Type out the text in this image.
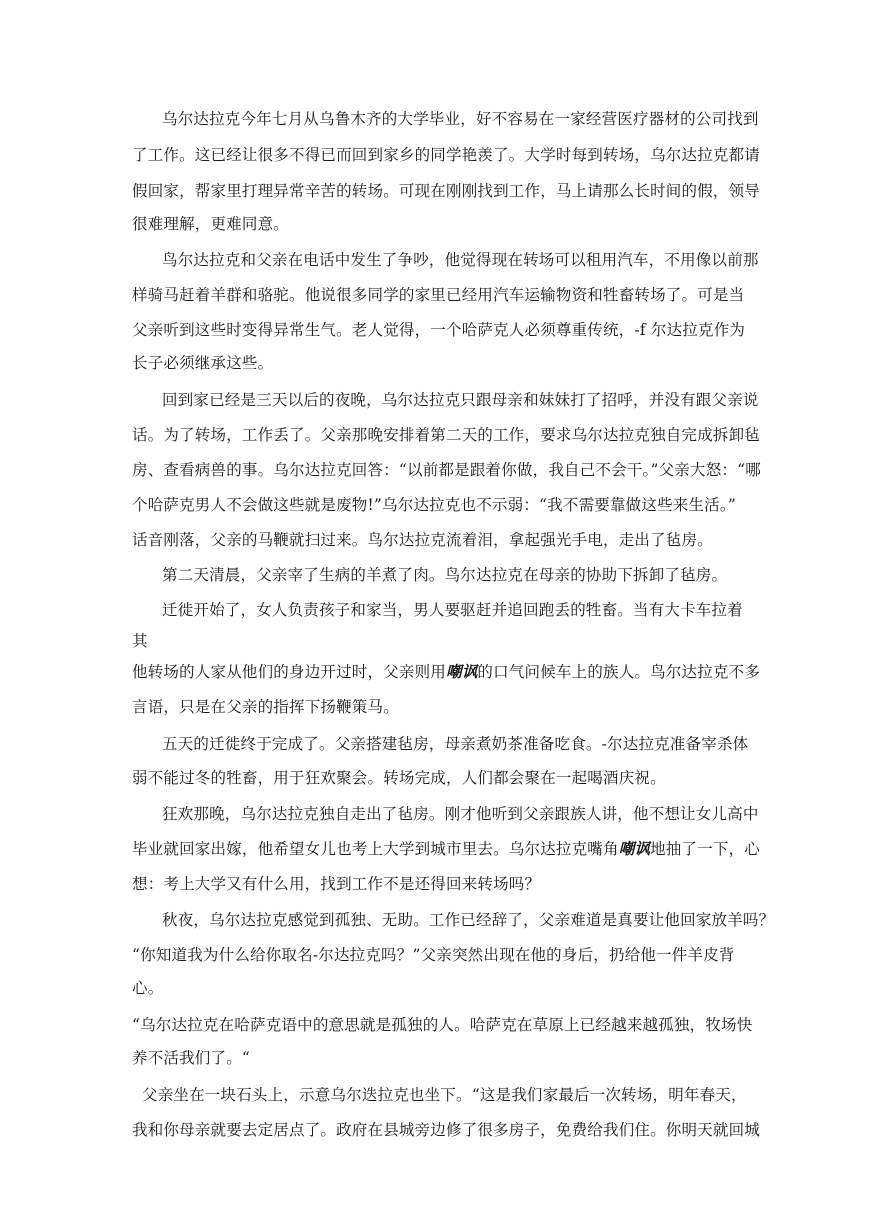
乌尔达拉克今年七月从乌鲁木齐的大学毕业，好不容易在一家经营医疗器材的公司找到
了工作。这已经让很多不得已而回到家乡的同学艳羡了。大学时每到转场，乌尔达拉克都请
假回家，帮家里打理异常辛苦的转场。可现在刚刚找到工作，马上请那么长时间的假，领导
很难理解，更难同意。
鸟尔达拉克和父亲在电话中发生了争吵，他觉得现在转场可以租用汽车，不用像以前那
样骑马赶着羊群和骆驼。他说很多同学的家里已经用汽车运输物资和牲畜转场了。可是当
父亲听到这些时变得异常生气。老人觉得，一个哈萨克人必须尊重传统，-f 尔达拉克作为
长子必须继承这些。
回到家已经是三天以后的夜晚，乌尔达拉克只跟母亲和妹妹打了招呼，并没有跟父亲说
话。为了转场，工作丢了。父亲那晚安排着第二天的工作，要求乌尔达拉克独自完成拆卸毡
房、查看病兽的事。乌尔达拉克回答：“以前都是跟着你做，我自己不会干。”父亲大怒：“哪
个哈萨克男人不会做这些就是废物!”乌尔达拉克也不示弱：“我不需要靠做这些来生活。”
话音刚落，父亲的马鞭就扫过来。鸟尔达拉克流着泪，拿起强光手电，走出了毡房。
第二天清晨，父亲宰了生病的羊煮了肉。鸟尔达拉克在母亲的协助下拆卸了毡房。
迁徙开始了，女人负责孩子和家当，男人要驱赶并追回跑丢的牲畜。当有大卡车拉着
其
他转场的人家从他们的身边开过时，父亲则用嘲讽的口气问候车上的族人。鸟尔达拉克不多
言语，只是在父亲的指挥下扬鞭策马。
五天的迁徙终于完成了。父亲搭建毡房，母亲煮奶茶准备吃食。-尔达拉克准备宰杀体
弱不能过冬的牲畜，用于狂欢聚会。转场完成，人们都会聚在一起喝酒庆祝。
狂欢那晚，乌尔达拉克独自走出了毡房。刚才他听到父亲跟族人讲，他不想让女儿高中
毕业就回家出嫁，他希望女儿也考上大学到城市里去。乌尔达拉克嘴角嘲讽地抽了一下，心
想：考上大学又有什么用，找到工作不是还得回来转场吗？
秋夜，乌尔达拉克感觉到孤独、无助。工作已经辞了，父亲难道是真要让他回家放羊吗？
“你知道我为什么给你取名-尔达拉克吗？”父亲突然出现在他的身后，扔给他一件羊皮背
心。
“乌尔达拉克在哈萨克语中的意思就是孤独的人。哈萨克在草原上已经越来越孤独，牧场快
养不活我们了。“
父亲坐在一块石头上，示意乌尔迭拉克也坐下。“这是我们家最后一次转场，明年春天，
我和你母亲就要去定居点了。政府在县城旁边修了很多房子，免费给我们住。你明天就回城
